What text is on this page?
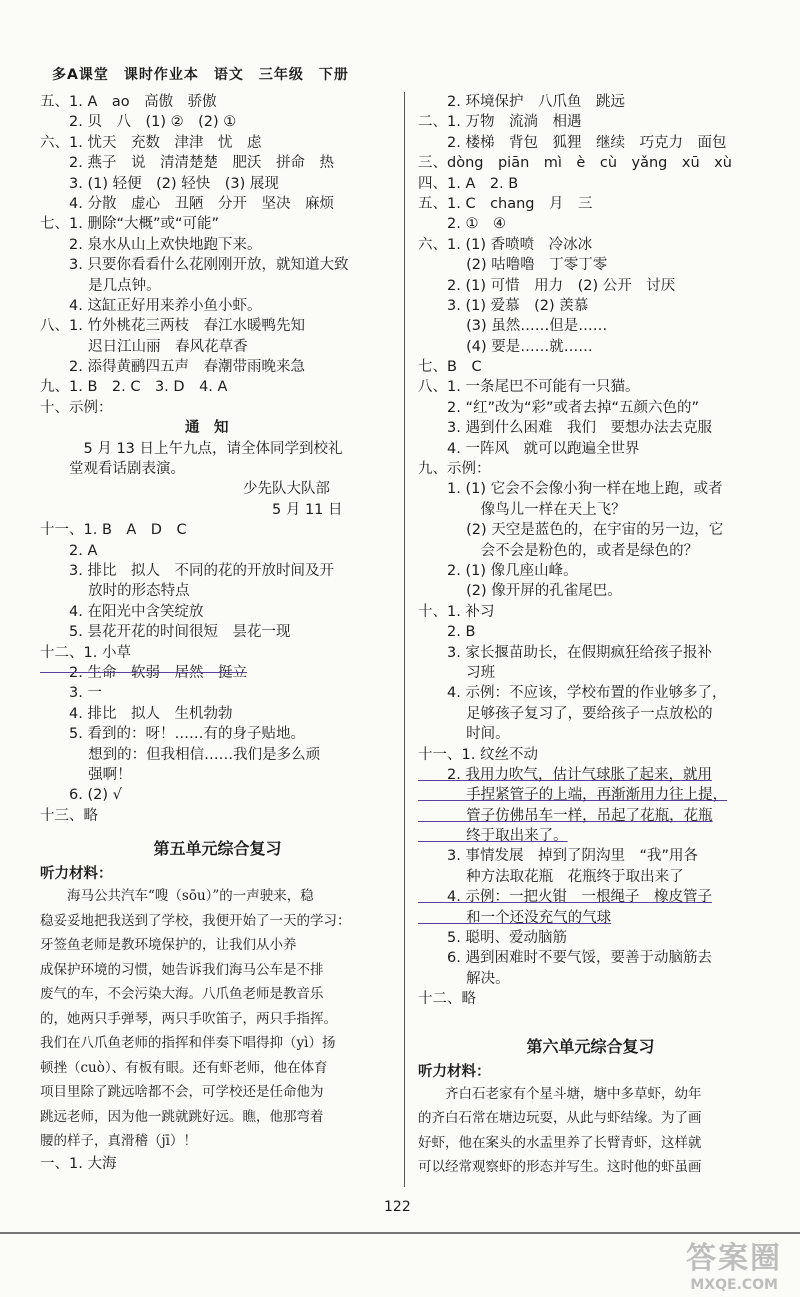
多A课堂　课时作业本　语文　三年级　下册
五、1. A　ao　高傲　骄傲
　　2. 贝　八　(1) ②　(2) ①
六、1. 忧天　充数　津津　忧　虑
　　2. 燕子　说　清清楚楚　肥沃　拼命　热
　　3. (1) 轻便　(2) 轻快　(3) 展现
　　4. 分散　虚心　丑陋　分开　坚决　麻烦
七、1. 删除“大概”或“可能”
　　2. 泉水从山上欢快地跑下来。
　　3. 只要你看看什么花刚刚开放，就知道大致
　　　 是几点钟。
　　4. 这缸正好用来养小鱼小虾。
八、1. 竹外桃花三两枝　春江水暖鸭先知
　　　 迟日江山丽　春风花草香
　　2. 添得黄鹂四五声　春潮带雨晚来急
九、1. B　2. C　3. D　4. A
十、示例：
　　　　　　　　　　通　知
　　　5 月 13 日上午九点，请全体同学到校礼
　　堂观看话剧表演。
　　　　　　　　　　　　　　少先队大队部
　　　　　　　　　　　　　　　　5 月 11 日
十一、1. B　A　D　C
　　2. A
　　3. 排比　拟人　不同的花的开放时间及开
　　　 放时的形态特点
　　4. 在阳光中含笑绽放
　　5. 昙花开花的时间很短　昙花一现
十二、1. 小草
　　2. 生命　软弱　居然　挺立
　　3. 一
　　4. 排比　拟人　生机勃勃
　　5. 看到的：呀！……有的身子贴地。
　　　 想到的：但我相信……我们是多么顽
　　　 强啊！
　　6. (2) √
十三、略
第五单元综合复习
听力材料：
　　海马公共汽车“嗖（sōu）”的一声驶来，稳
稳妥妥地把我送到了学校，我便开始了一天的学习：
牙签鱼老师是教环境保护的，让我们从小养
成保护环境的习惯，她告诉我们海马公车是不排
废气的车，不会污染大海。八爪鱼老师是教音乐
的，她两只手弹琴，两只手吹笛子，两只手指挥。
我们在八爪鱼老师的指挥和伴奏下唱得抑（yì）扬
顿挫（cuò）、有板有眼。还有虾老师，他在体育
项目里除了跳远啥都不会，可学校还是任命他为
跳远老师，因为他一跳就跳好远。瞧，他那弯着
腰的样子，真滑稽（jī）！
一、1. 大海
　　2. 环境保护　八爪鱼　跳远
二、1. 万物　流淌　相遇
　　2. 楼梯　背包　狐狸　继续　巧克力　面包
三、dòng　piān　mì　è　cù　yǎng　xū　xù
四、1. A　2. B
五、1. C　chang　月　三
　　2. ①　④
六、1. (1) 香喷喷　冷冰冰
　　　 (2) 咕噜噜　丁零丁零
　　2. (1) 可惜　用力　(2) 公开　讨厌
　　3. (1) 爱慕　(2) 羡慕
　　　 (3) 虽然……但是……
　　　 (4) 要是……就……
七、B　C
八、1. 一条尾巴不可能有一只猫。
　　2. “红”改为“彩”或者去掉“五颜六色的”
　　3. 遇到什么困难　我们　要想办法去克服
　　4. 一阵风　就可以跑遍全世界
九、示例：
　　1. (1) 它会不会像小狗一样在地上跑，或者
　　　　 像鸟儿一样在天上飞？
　　　 (2) 天空是蓝色的，在宇宙的另一边，它
　　　　 会不会是粉色的，或者是绿色的？
　　2. (1) 像几座山峰。
　　　 (2) 像开屏的孔雀尾巴。
十、1. 补习
　　2. B
　　3. 家长揠苗助长，在假期疯狂给孩子报补
　　　 习班
　　4. 示例：不应该，学校布置的作业够多了，
　　　 足够孩子复习了，要给孩子一点放松的
　　　 时间。
十一、1. 纹丝不动
　　2. 我用力吹气，估计气球胀了起来，就用
　　　 手捏紧管子的上端，再渐渐用力往上提，
　　　 管子仿佛吊车一样，吊起了花瓶，花瓶
　　　 终于取出来了。
　　3. 事情发展　掉到了阴沟里　“我”用各
　　　 种方法取花瓶　花瓶终于取出来了
　　4. 示例：一把火钳　一根绳子　橡皮管子
　　　 和一个还没充气的气球
　　5. 聪明、爱动脑筋
　　6. 遇到困难时不要气馁，要善于动脑筋去
　　　 解决。
十二、略
第六单元综合复习
听力材料：
　　齐白石老家有个星斗塘，塘中多草虾，幼年
的齐白石常在塘边玩耍，从此与虾结缘。为了画
好虾，他在案头的水盂里养了长臂青虾，这样就
可以经常观察虾的形态并写生。这时他的虾虽画
122
答案圈
MXQE.COM
